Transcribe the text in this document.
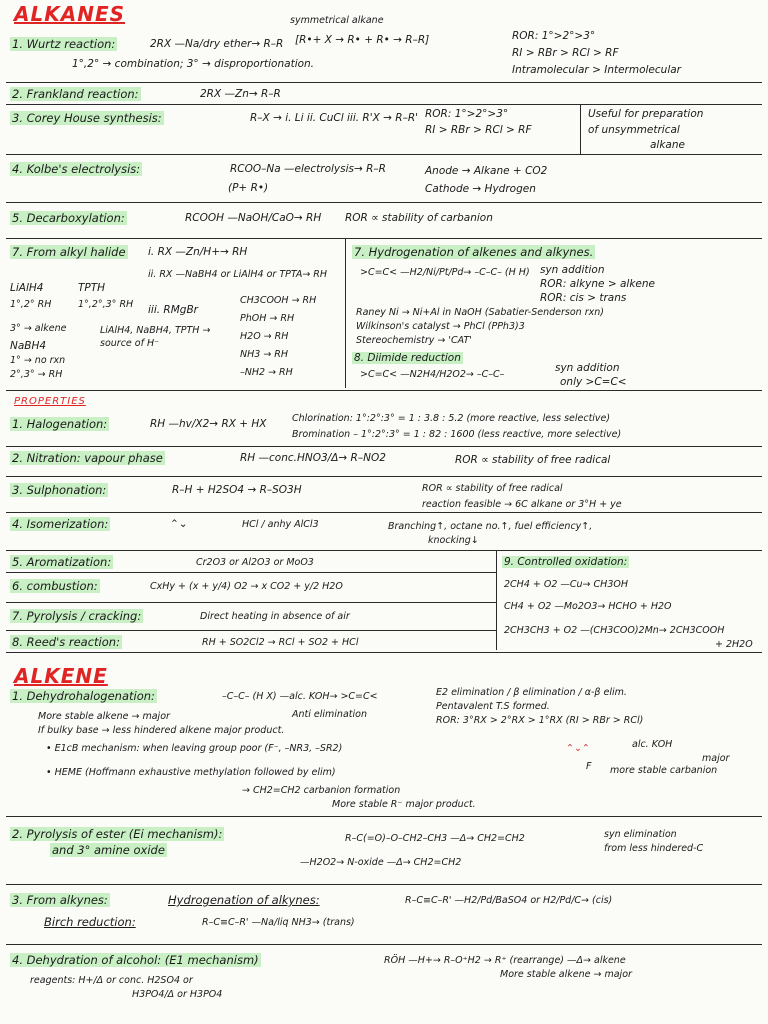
ALKANES
1. Wurtz reaction:	2RX —Na/dry ether→ R–R
symmetrical alkane
[R•+ X → R• + R• → R–R]	ROR: 1°>2°>3°
RI > RBr > RCl > RF
Intramolecular > Intermolecular
1°,2° → combination; 3° → disproportionation.
2. Frankland reaction:	2RX —Zn→ R–R
3. Corey House synthesis:	R–X → i. Li ii. CuCl iii. R'X → R–R' ROR: 1°>2°>3°
RI > RBr > RCl > RF
Useful for preparation
of unsymmetrical
alkane
4. Kolbe's electrolysis:	RCOO–Na —electrolysis→ R–R
(P+ R•)
Anode → Alkane + CO2
Cathode → Hydrogen
5. Decarboxylation:	RCOOH —NaOH/CaO→ RH ROR ∝ stability of carbanion
7. From alkyl halide i. RX —Zn/H+→ RH
ii. RX —NaBH4 or LiAlH4 or TPTA→ RH
iii. RMgBr
CH3COOH → RH
PhOH → RH
H2O → RH
NH3 → RH
–NH2 → RH
LiAlH4	TPTH
1°,2° RH	1°,2°,3° RH
3° → alkene
NaBH4
1° → no rxn
2°,3° → RH
LiAlH4, NaBH4, TPTH → source of H⁻
7. Hydrogenation of alkenes and alkynes.
>C=C< —H2/Ni/Pt/Pd→ –C–C– (H H) syn addition
ROR: alkyne > alkene
ROR: cis > trans
Raney Ni → Ni+Al in NaOH (Sabatier-Senderson rxn)
Wilkinson's catalyst → PhCl (PPh3)3
Stereochemistry → 'CAT'
8. Diimide reduction
>C=C< —N2H4/H2O2→ –C–C–
syn addition
only >C=C<
PROPERTIES
1. Halogenation:	RH —hv/X2→ RX + HX	Chlorination: 1°:2°:3° = 1 : 3.8 : 5.2 (more reactive, less selective)
Bromination – 1°:2°:3° = 1 : 82 : 1600 (less reactive, more selective)
2. Nitration: vapour phase	RH —conc.HNO3/Δ→ R–NO2	ROR ∝ stability of free radical
3. Sulphonation:	R–H + H2SO4 → R–SO3H	ROR ∝ stability of free radical
reaction feasible → 6C alkane or 3°H + ye
4. Isomerization:	⌃⌄	HCl / anhy AlCl3	Branching↑, octane no.↑, fuel efficiency↑,
knocking↓
5. Aromatization:	Cr2O3 or Al2O3 or MoO3
6. combustion:	CxHy + (x + y/4) O2 → x CO2 + y/2 H2O
7. Pyrolysis / cracking:	Direct heating in absence of air
8. Reed's reaction:	RH + SO2Cl2 → RCl + SO2 + HCl
9. Controlled oxidation:
2CH4 + O2 —Cu→ CH3OH
CH4 + O2 —Mo2O3→ HCHO + H2O
2CH3CH3 + O2 —(CH3COO)2Mn→ 2CH3COOH
+ 2H2O
ALKENE
1. Dehydrohalogenation:	–C–C– (H X) —alc. KOH→ >C=C<	E2 elimination / β elimination / α-β elim.
Pentavalent T.S formed.
Anti elimination
ROR: 3°RX > 2°RX > 1°RX (RI > RBr > RCl)
More stable alkene → major
If bulky base → less hindered alkene major product.
• E1cB mechanism: when leaving group poor (F⁻, –NR3, –SR2)	⌃⌄⌃
F
alc. KOH
major
more stable carbanion
• HEME (Hoffmann exhaustive methylation followed by elim)
→ CH2=CH2 carbanion formation
More stable R⁻ major product.
2. Pyrolysis of ester (Ei mechanism):
and 3° amine oxide
R–C(=O)–O–CH2–CH3 —Δ→ CH2=CH2
—H2O2→ N-oxide —Δ→ CH2=CH2
syn elimination
from less hindered-C
3. From alkynes:	Hydrogenation of alkynes:	R–C≡C–R' —H2/Pd/BaSO4 or H2/Pd/C→ (cis)
Birch reduction:	R–C≡C–R' —Na/liq NH3→ (trans)
4. Dehydration of alcohol: (E1 mechanism)	RÖH —H+→ R–O⁺H2 → R⁺ (rearrange) —Δ→ alkene
More stable alkene → major
reagents: H+/Δ or conc. H2SO4 or
H3PO4/Δ or H3PO4
